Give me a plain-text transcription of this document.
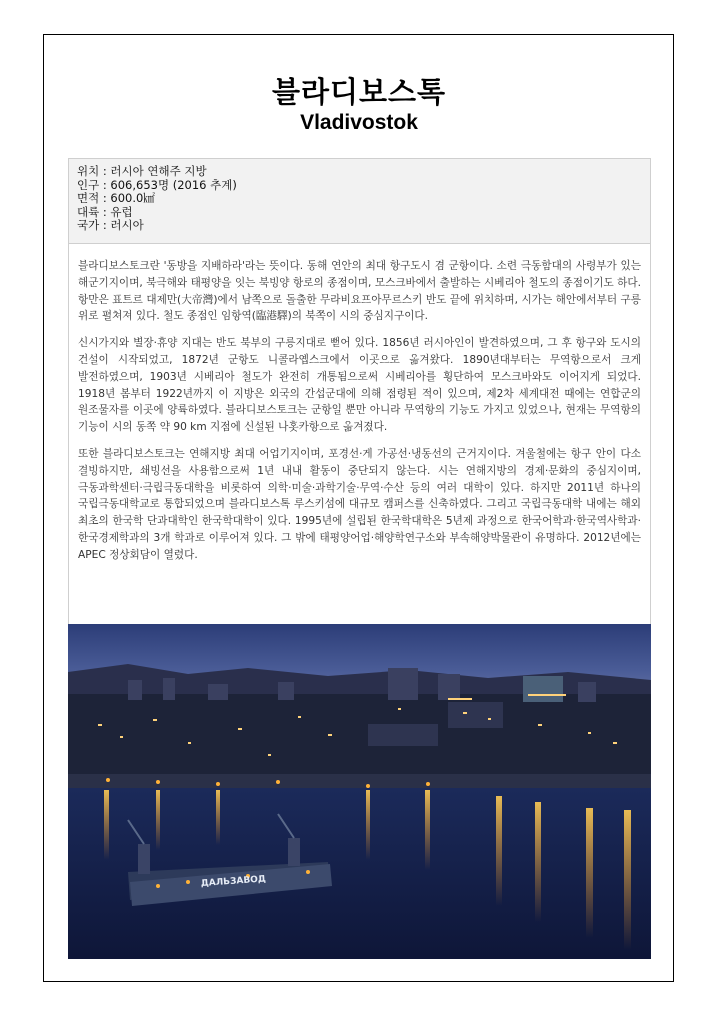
블라디보스톡
Vladivostok
위치 : 러시아 연해주 지방
인구 : 606,653명 (2016 추계)
면적 : 600.0㎢
대륙 : 유럽
국가 : 러시아

블라디보스토크란 '동방을 지배하라'라는 뜻이다. 동해 연안의 최대 항구도시 겸 군항이다. 소련 극동함대의 사령부가 있는 해군기지이며, 북극해와 태평양을 잇는 북빙양 항로의 종점이며, 모스크바에서 출발하는 시베리아 철도의 종점이기도 하다. 항만은 표트르 대제만(大帝灣)에서 남쪽으로 돌출한 무라비요프아무르스키 반도 끝에 위치하며, 시가는 해안에서부터 구릉 위로 펼쳐져 있다. 철도 종점인 임항역(臨港驛)의 북쪽이 시의 중심지구이다.

신시가지와 별장·휴양 지대는 반도 북부의 구릉지대로 뻗어 있다. 1856년 러시아인이 발견하였으며, 그 후 항구와 도시의 건설이 시작되었고, 1872년 군항도 니콜라옙스크에서 이곳으로 옮겨왔다. 1890년대부터는 무역항으로서 크게 발전하였으며, 1903년 시베리아 철도가 완전히 개통됨으로써 시베리아를 횡단하여 모스크바와도 이어지게 되었다. 1918년 봄부터 1922년까지 이 지방은 외국의 간섭군대에 의해 점령된 적이 있으며, 제2차 세계대전 때에는 연합군의 원조물자를 이곳에 양륙하였다. 블라디보스토크는 군항일 뿐만 아니라 무역항의 기능도 가지고 있었으나, 현재는 무역항의 기능이 시의 동쪽 약 90 km 지점에 신설된 나홋카항으로 옮겨졌다.

또한 블라디보스토크는 연해지방 최대 어업기지이며, 포경선·게 가공선·냉동선의 근거지이다. 겨울철에는 항구 안이 다소 결빙하지만, 쇄빙선을 사용함으로써 1년 내내 활동이 중단되지 않는다. 시는 연해지방의 경제·문화의 중심지이며, 극동과학센터·극립극동대학을 비롯하여 의학·미술·과학기술·무역·수산 등의 여러 대학이 있다. 하지만 2011년 하나의 국립극동대학교로 통합되었으며 블라디보스톡 루스키섬에 대규모 캠퍼스를 신축하였다. 그리고 국립극동대학 내에는 해외 최초의 한국학 단과대학인 한국학대학이 있다. 1995년에 설립된 한국학대학은 5년제 과정으로 한국어학과·한국역사학과·한국경제학과의 3개 학과로 이루어져 있다. 그 밖에 태평양어업·해양학연구소와 부속해양박물관이 유명하다. 2012년에는 APEC 정상회담이 열렸다.

ДАЛЬЗАВОД
